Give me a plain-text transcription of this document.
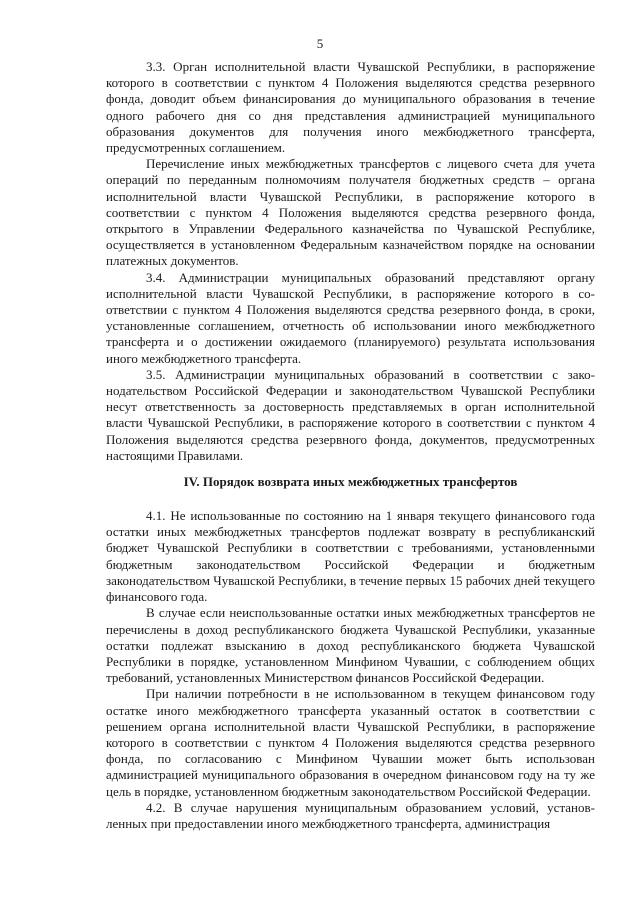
5

3.3. Орган исполнительной власти Чувашской Республики, в распоряжение которого в соответствии с пунктом 4 Положения выделяются средства резервного фонда, доводит объем финансирования до муниципального образования в течение одного рабочего дня со дня представления администрацией муниципального образования документов для получения иного межбюджетного трансферта, предусмотренных соглашением.

Перечисление иных межбюджетных трансфертов с лицевого счета для учета операций по переданным полномочиям получателя бюджетных средств – органа исполнительной власти Чувашской Республики, в распоряжение которого в соответствии с пунктом 4 Положения выделяются средства резервного фонда, открытого в Управлении Федерального казначейства по Чувашской Республике, осуществляется в установленном Федеральным казначейством порядке на основании платежных документов.

3.4. Администрации муниципальных образований представляют органу исполнительной власти Чувашской Республики, в распоряжение которого в соответствии с пунктом 4 Положения выделяются средства резервного фонда, в сроки, установленные соглашением, отчетность об использовании иного межбюджетного трансферта и о достижении ожидаемого (планируемого) результата использования иного межбюджетного трансферта.

3.5. Администрации муниципальных образований в соответствии с законодательством Российской Федерации и законодательством Чувашской Республики несут ответственность за достоверность представляемых в орган исполнительной власти Чувашской Республики, в распоряжение которого в соответствии с пунктом 4 Положения выделяются средства резервного фонда, документов, предусмотренных настоящими Правилами.

IV. Порядок возврата иных межбюджетных трансфертов

4.1. Не использованные по состоянию на 1 января текущего финансового года остатки иных межбюджетных трансфертов подлежат возврату в республиканский бюджет Чувашской Республики в соответствии с требованиями, установленными бюджетным законодательством Российской Федерации и бюджетным законодательством Чувашской Республики, в течение первых 15 рабочих дней текущего финансового года.

В случае если неиспользованные остатки иных межбюджетных трансфертов не перечислены в доход республиканского бюджета Чувашской Республики, указанные остатки подлежат взысканию в доход республиканского бюджета Чувашской Республики в порядке, установленном Минфином Чувашии, с соблюдением общих требований, установленных Министерством финансов Российской Федерации.

При наличии потребности в не использованном в текущем финансовом году остатке иного межбюджетного трансферта указанный остаток в соответствии с решением органа исполнительной власти Чувашской Республики, в распоряжение которого в соответствии с пунктом 4 Положения выделяются средства резервного фонда, по согласованию с Минфином Чувашии может быть использован администрацией муниципального образования в очередном финансовом году на ту же цель в порядке, установленном бюджетным законодательством Российской Федерации.

4.2. В случае нарушения муниципальным образованием условий, установленных при предоставлении иного межбюджетного трансферта, администрация
